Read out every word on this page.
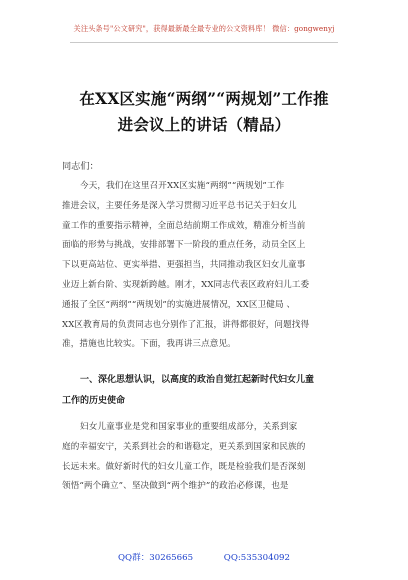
关注头条号"公文研究"，获得最新最全最专业的公文资料库！ 微信：gongwenyj
在XX区实施“两纲”“两规划”工作推
进会议上的讲话（精品）
同志们：
今天，我们在这里召开XX区实施“两纲”“两规划”工作
推进会议，主要任务是深入学习贯彻习近平总书记关于妇女儿
童工作的重要指示精神，全面总结前期工作成效，精准分析当前
面临的形势与挑战，安排部署下一阶段的重点任务，动员全区上
下以更高站位、更实举措、更强担当，共同推动我区妇女儿童事
业迈上新台阶、实现新跨越。刚才，XX同志代表区政府妇儿工委
通报了全区“两纲”“两规划”的实施进展情况，XX区卫健局 、
XX区教育局的负责同志也分别作了汇报，讲得都很好，问题找得
准，措施也比较实。下面，我再讲三点意见。
一、深化思想认识，以高度的政治自觉扛起新时代妇女儿童
工作的历史使命
妇女儿童事业是党和国家事业的重要组成部分，关系到家
庭的幸福安宁，关系到社会的和谐稳定，更关系到国家和民族的
长远未来。做好新时代的妇女儿童工作，既是检验我们是否深刻
领悟“两个确立”、坚决做到“两个维护”的政治必修课，也是
QQ群：30265665	QQ:535304092
